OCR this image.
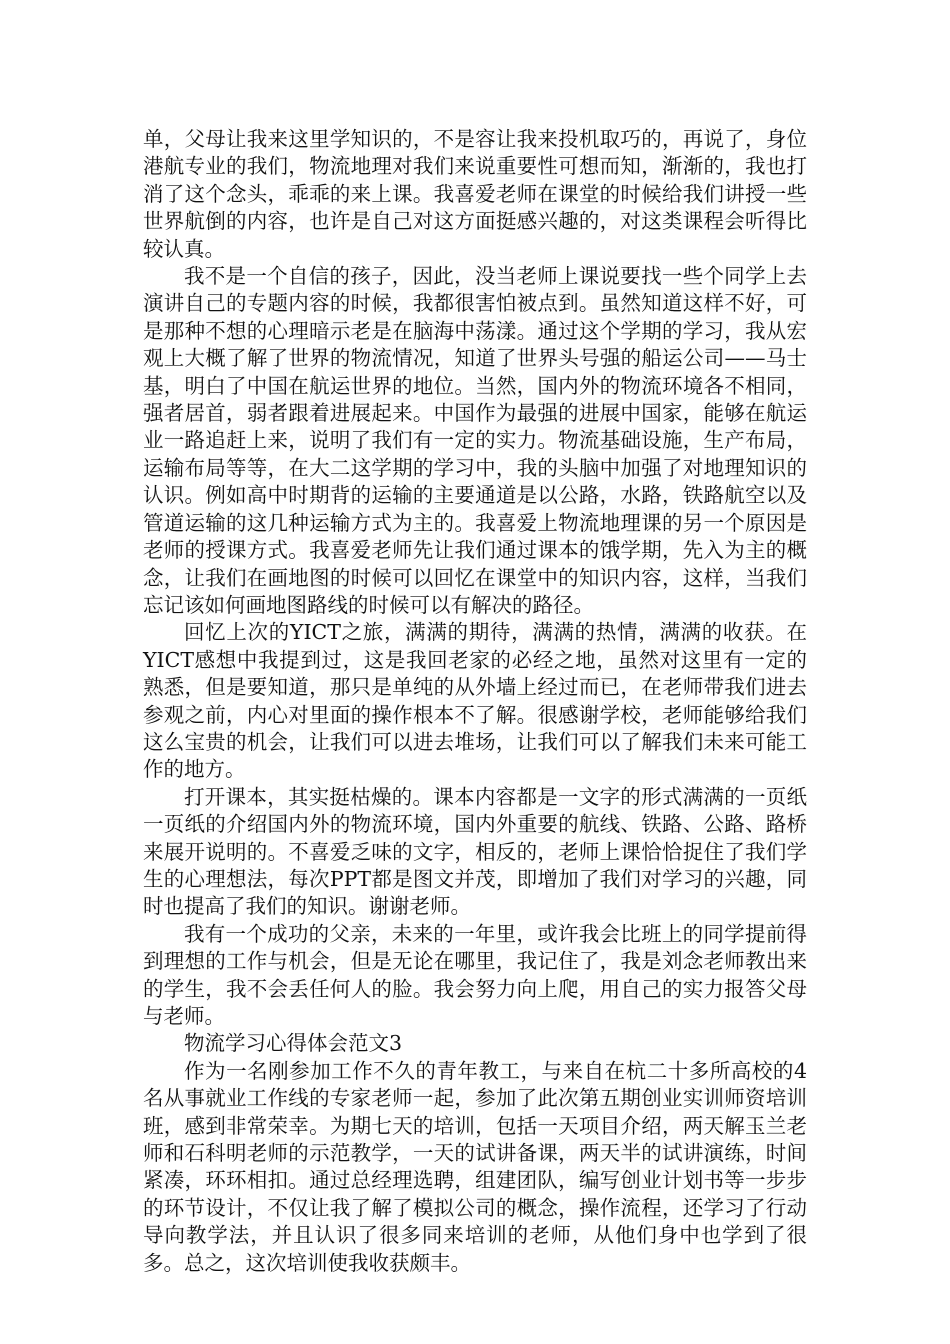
单，父母让我来这里学知识的，不是容让我来投机取巧的，再说了，身位港航专业的我们，物流地理对我们来说重要性可想而知，渐渐的，我也打消了这个念头，乖乖的来上课。我喜爱老师在课堂的时候给我们讲授一些世界航倒的内容，也许是自己对这方面挺感兴趣的，对这类课程会听得比较认真。

我不是一个自信的孩子，因此，没当老师上课说要找一些个同学上去演讲自己的专题内容的时候，我都很害怕被点到。虽然知道这样不好，可是那种不想的心理暗示老是在脑海中荡漾。通过这个学期的学习，我从宏观上大概了解了世界的物流情况，知道了世界头号强的船运公司——马士基，明白了中国在航运世界的地位。当然，国内外的物流环境各不相同，强者居首，弱者跟着进展起来。中国作为最强的进展中国家，能够在航运业一路追赶上来，说明了我们有一定的实力。物流基础设施，生产布局，运输布局等等，在大二这学期的学习中，我的头脑中加强了对地理知识的认识。例如高中时期背的运输的主要通道是以公路，水路，铁路航空以及管道运输的这几种运输方式为主的。我喜爱上物流地理课的另一个原因是老师的授课方式。我喜爱老师先让我们通过课本的饿学期，先入为主的概念，让我们在画地图的时候可以回忆在课堂中的知识内容，这样，当我们忘记该如何画地图路线的时候可以有解决的路径。

回忆上次的YICT之旅，满满的期待，满满的热情，满满的收获。在YICT感想中我提到过，这是我回老家的必经之地，虽然对这里有一定的熟悉，但是要知道，那只是单纯的从外墙上经过而已，在老师带我们进去参观之前，内心对里面的操作根本不了解。很感谢学校，老师能够给我们这么宝贵的机会，让我们可以进去堆场，让我们可以了解我们未来可能工作的地方。

打开课本，其实挺枯燥的。课本内容都是一文字的形式满满的一页纸一页纸的介绍国内外的物流环境，国内外重要的航线、铁路、公路、路桥来展开说明的。不喜爱乏味的文字，相反的，老师上课恰恰捉住了我们学生的心理想法，每次PPT都是图文并茂，即增加了我们对学习的兴趣，同时也提高了我们的知识。谢谢老师。

我有一个成功的父亲，未来的一年里，或许我会比班上的同学提前得到理想的工作与机会，但是无论在哪里，我记住了，我是刘念老师教出来的学生，我不会丢任何人的脸。我会努力向上爬，用自己的实力报答父母与老师。

物流学习心得体会范文3

作为一名刚参加工作不久的青年教工，与来自在杭二十多所高校的4名从事就业工作线的专家老师一起，参加了此次第五期创业实训师资培训班，感到非常荣幸。为期七天的培训，包括一天项目介绍，两天解玉兰老师和石科明老师的示范教学，一天的试讲备课，两天半的试讲演练，时间紧凑，环环相扣。通过总经理选聘，组建团队，编写创业计划书等一步步的环节设计，不仅让我了解了模拟公司的概念，操作流程，还学习了行动导向教学法，并且认识了很多同来培训的老师，从他们身中也学到了很多。总之，这次培训使我收获颇丰。
